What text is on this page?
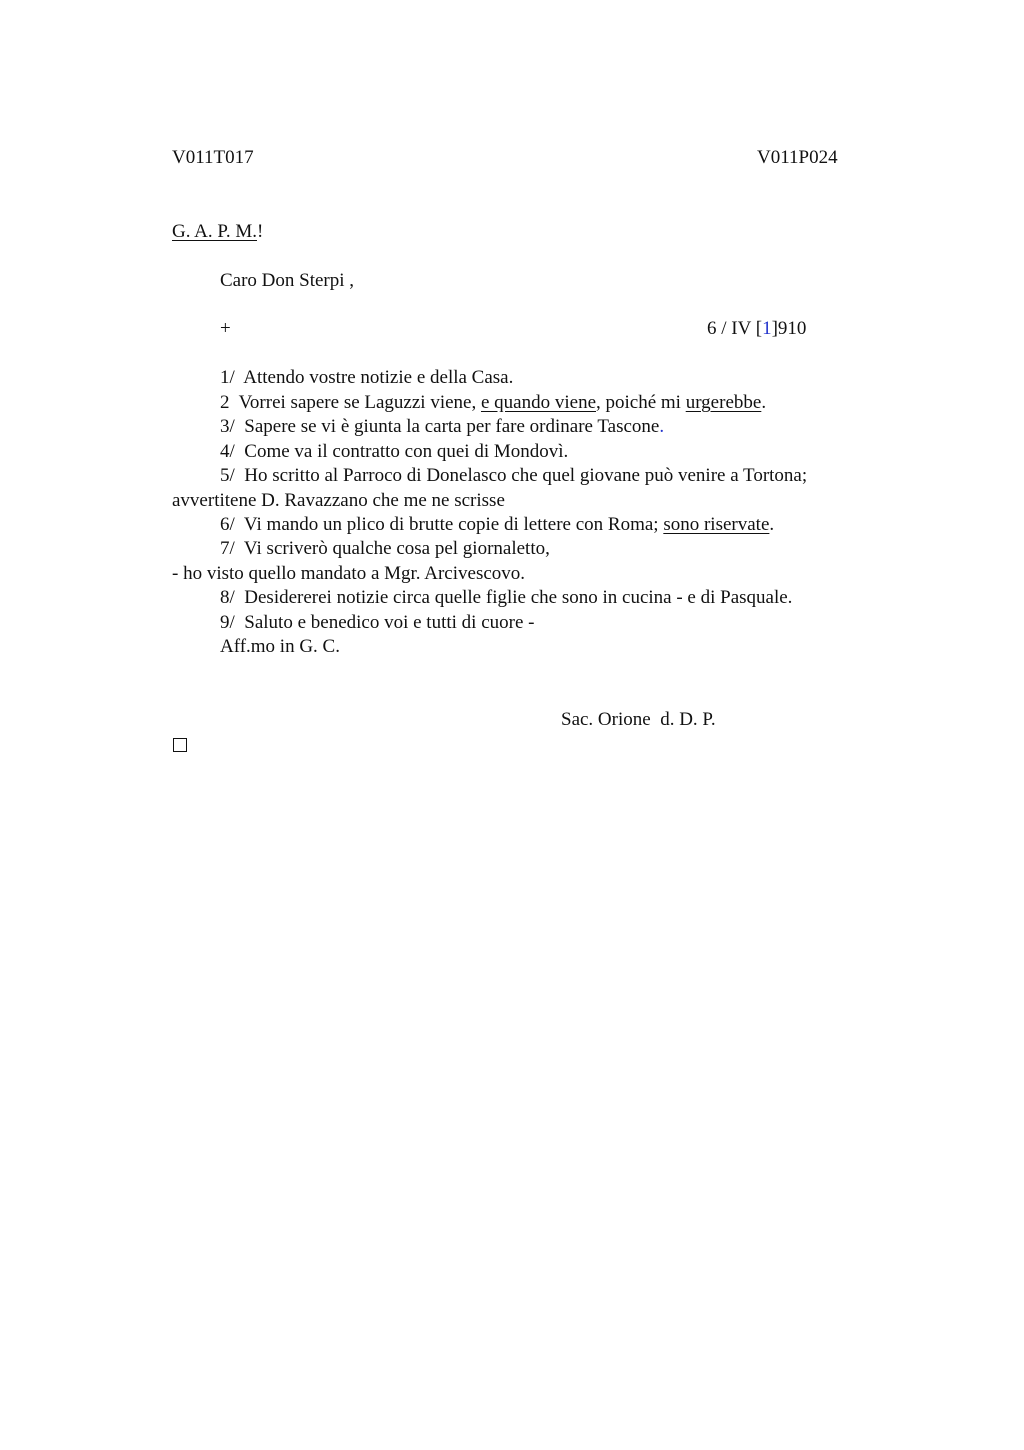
V011T017	V011P024
G. A. P. M.!
Caro Don Sterpi ,
+	6 / IV [1]910
1/  Attendo vostre notizie e della Casa.
2  Vorrei sapere se Laguzzi viene, e quando viene, poiché mi urgerebbe.
3/  Sapere se vi è giunta la carta per fare ordinare Tascone.
4/  Come va il contratto con quei di Mondovì.
5/  Ho scritto al Parroco di Donelasco che quel giovane può venire a Tortona;
avvertitene D. Ravazzano che me ne scrisse
6/  Vi mando un plico di brutte copie di lettere con Roma; sono riservate.
7/  Vi scriverò qualche cosa pel giornaletto,
- ho visto quello mandato a Mgr. Arcivescovo.
8/  Desidererei notizie circa quelle figlie che sono in cucina - e di Pasquale.
9/  Saluto e benedico voi e tutti di cuore -
Aff.mo in G. C.
Sac. Orione  d. D. P.
